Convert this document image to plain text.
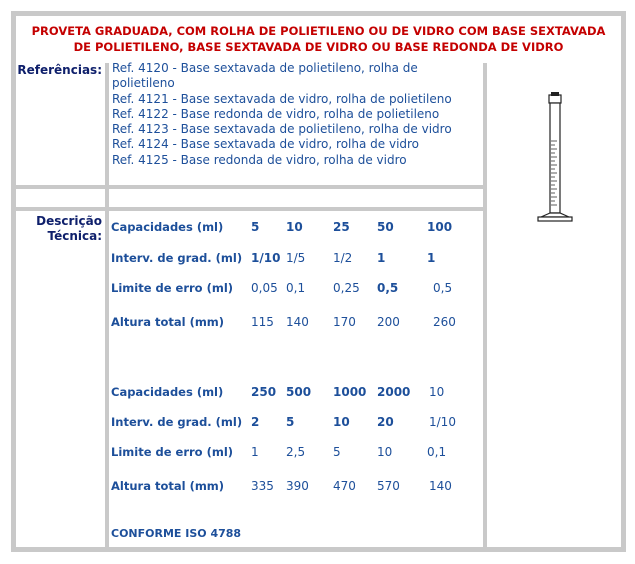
PROVETA GRADUADA, COM ROLHA DE POLIETILENO OU DE VIDRO COM BASE SEXTAVADA
DE POLIETILENO, BASE SEXTAVADA DE VIDRO OU BASE REDONDA DE VIDRO
Referências: Ref. 4120 - Base sextavada de polietileno, rolha de polietileno
Ref. 4121 - Base sextavada de vidro, rolha de polietileno
Ref. 4122 - Base redonda de vidro, rolha de polietileno
Ref. 4123 - Base sextavada de polietileno, rolha de vidro
Ref. 4124 - Base sextavada de vidro, rolha de vidro
Ref. 4125 - Base redonda de vidro, rolha de vidro
Descrição
Técnica:
CONFORME ISO 4788
Capacidades (ml) 5 10	25 50	100
Interv. de grad. (ml) 1/10 1/5 1/2 1	1
Limite de erro (ml) 0,05 0,1 0,25 0,5	0,5
Altura total (mm) 115 140 170 200	260
Capacidades (ml) 250 500 1000 2000 10
Interv. de grad. (ml) 2 5	10 20	1/10
Limite de erro (ml) 1 2,5 5	10	0,1
Altura total (mm) 335 390 470 570 140
